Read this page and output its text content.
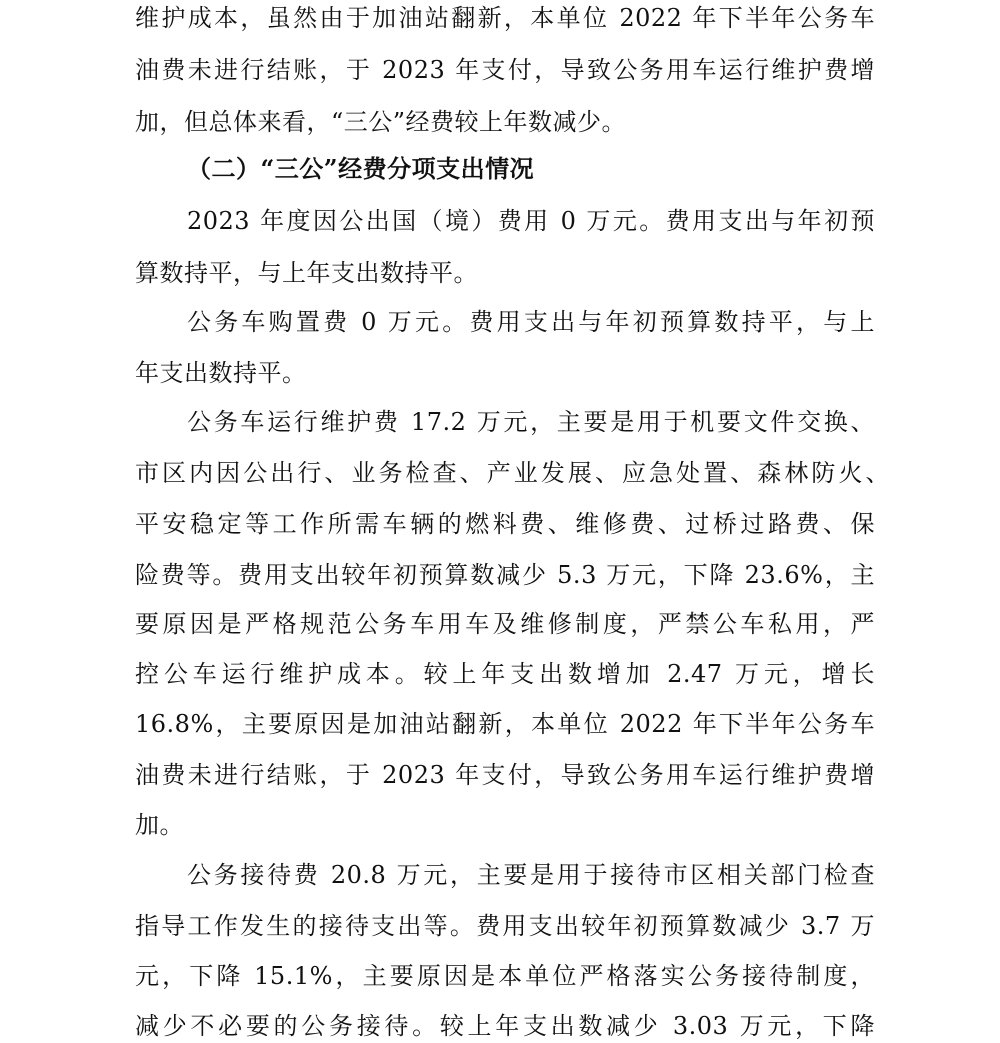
维护成本，虽然由于加油站翻新，本单位 2022 年下半年公务车
油费未进行结账，于 2023 年支付，导致公务用车运行维护费增
加，但总体来看，“三公”经费较上年数减少。
（二）“三公”经费分项支出情况
2023 年度因公出国（境）费用 0 万元。费用支出与年初预
算数持平，与上年支出数持平。
公务车购置费 0 万元。费用支出与年初预算数持平，与上
年支出数持平。
公务车运行维护费 17.2 万元，主要是用于机要文件交换、
市区内因公出行、业务检查、产业发展、应急处置、森林防火、
平安稳定等工作所需车辆的燃料费、维修费、过桥过路费、保
险费等。费用支出较年初预算数减少 5.3 万元，下降 23.6%，主
要原因是严格规范公务车用车及维修制度，严禁公车私用，严
控公车运行维护成本。较上年支出数增加 2.47 万元，增长
16.8%，主要原因是加油站翻新，本单位 2022 年下半年公务车
油费未进行结账，于 2023 年支付，导致公务用车运行维护费增
加。
公务接待费 20.8 万元，主要是用于接待市区相关部门检查
指导工作发生的接待支出等。费用支出较年初预算数减少 3.7 万
元，下降 15.1%，主要原因是本单位严格落实公务接待制度，
减少不必要的公务接待。较上年支出数减少 3.03 万元，下降
